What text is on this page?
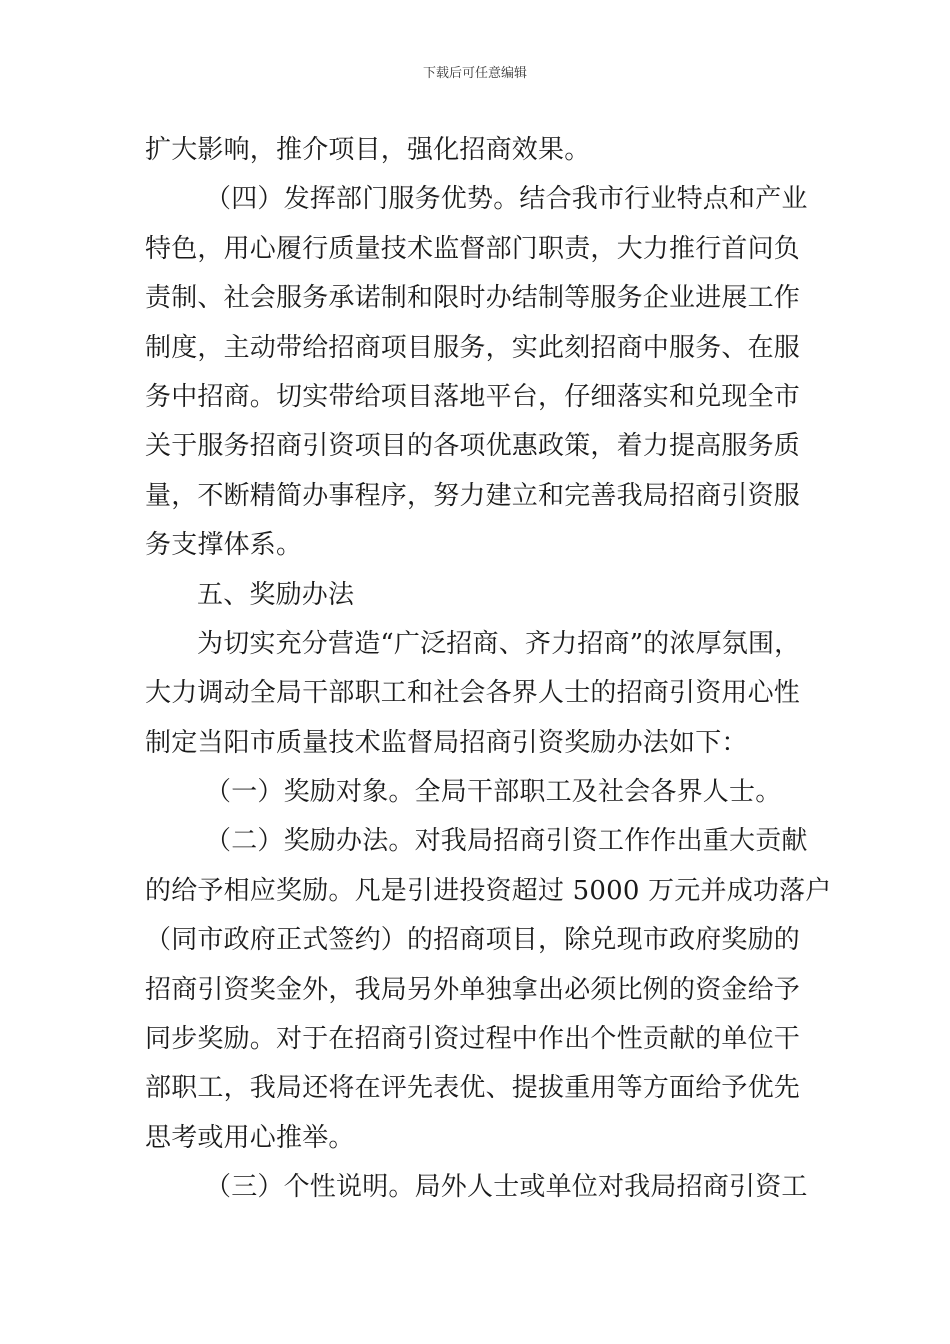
下载后可任意编辑
扩大影响，推介项目，强化招商效果。
（四）发挥部门服务优势。结合我市行业特点和产业
特色，用心履行质量技术监督部门职责，大力推行首问负
责制、社会服务承诺制和限时办结制等服务企业进展工作
制度，主动带给招商项目服务，实此刻招商中服务、在服
务中招商。切实带给项目落地平台，仔细落实和兑现全市
关于服务招商引资项目的各项优惠政策，着力提高服务质
量，不断精简办事程序，努力建立和完善我局招商引资服
务支撑体系。
五、奖励办法
为切实充分营造“广泛招商、齐力招商”的浓厚氛围，
大力调动全局干部职工和社会各界人士的招商引资用心性
制定当阳市质量技术监督局招商引资奖励办法如下：
（一）奖励对象。全局干部职工及社会各界人士。
（二）奖励办法。对我局招商引资工作作出重大贡献
的给予相应奖励。凡是引进投资超过 5000 万元并成功落户
（同市政府正式签约）的招商项目，除兑现市政府奖励的
招商引资奖金外，我局另外单独拿出必须比例的资金给予
同步奖励。对于在招商引资过程中作出个性贡献的单位干
部职工，我局还将在评先表优、提拔重用等方面给予优先
思考或用心推举。
（三）个性说明。局外人士或单位对我局招商引资工
